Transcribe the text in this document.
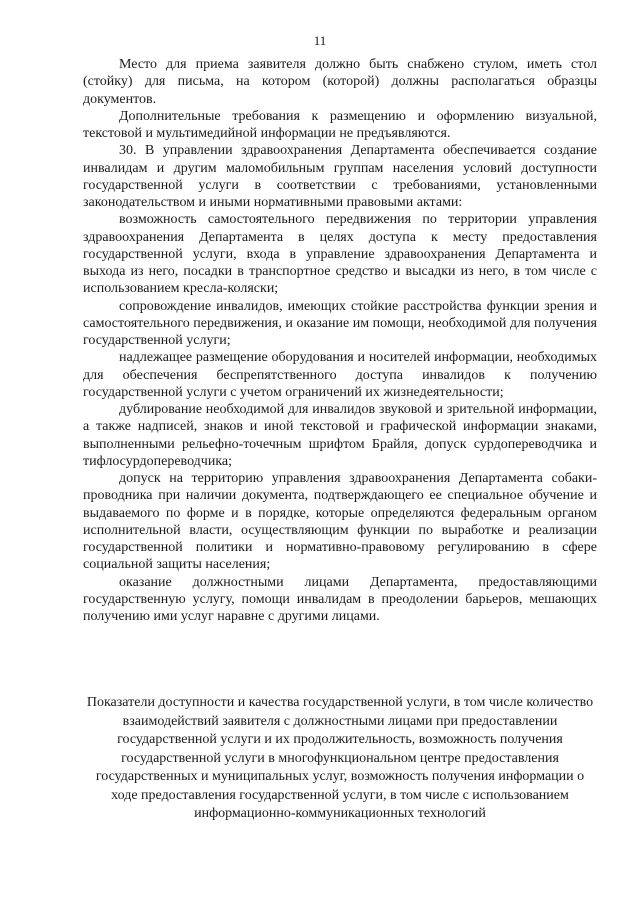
11

Место для приема заявителя должно быть снабжено стулом, иметь стол (стойку) для письма, на котором (которой) должны располагаться образцы документов.

Дополнительные требования к размещению и оформлению визуальной, текстовой и мультимедийной информации не предъявляются.

30. В управлении здравоохранения Департамента обеспечивается создание инвалидам и другим маломобильным группам населения условий доступности государственной услуги в соответствии с требованиями, установленными законодательством и иными нормативными правовыми актами:

возможность самостоятельного передвижения по территории управления здравоохранения Департамента в целях доступа к месту предоставления государственной услуги, входа в управление здравоохранения Департамента и выхода из него, посадки в транспортное средство и высадки из него, в том числе с использованием кресла-коляски;

сопровождение инвалидов, имеющих стойкие расстройства функции зрения и самостоятельного передвижения, и оказание им помощи, необходимой для получения государственной услуги;

надлежащее размещение оборудования и носителей информации, необходимых для обеспечения беспрепятственного доступа инвалидов к получению государственной услуги с учетом ограничений их жизнедеятельности;

дублирование необходимой для инвалидов звуковой и зрительной информации, а также надписей, знаков и иной текстовой и графической информации знаками, выполненными рельефно-точечным шрифтом Брайля, допуск сурдопереводчика и тифлосурдопереводчика;

допуск на территорию управления здравоохранения Департамента собаки-проводника при наличии документа, подтверждающего ее специальное обучение и выдаваемого по форме и в порядке, которые определяются федеральным органом исполнительной власти, осуществляющим функции по выработке и реализации государственной политики и нормативно-правовому регулированию в сфере социальной защиты населения;

оказание должностными лицами Департамента, предоставляющими государственную услугу, помощи инвалидам в преодолении барьеров, мешающих получению ими услуг наравне с другими лицами.

Показатели доступности и качества государственной услуги, в том числе количество взаимодействий заявителя с должностными лицами при предоставлении государственной услуги и их продолжительность, возможность получения государственной услуги в многофункциональном центре предоставления государственных и муниципальных услуг, возможность получения информации о ходе предоставления государственной услуги, в том числе с использованием информационно-коммуникационных технологий
